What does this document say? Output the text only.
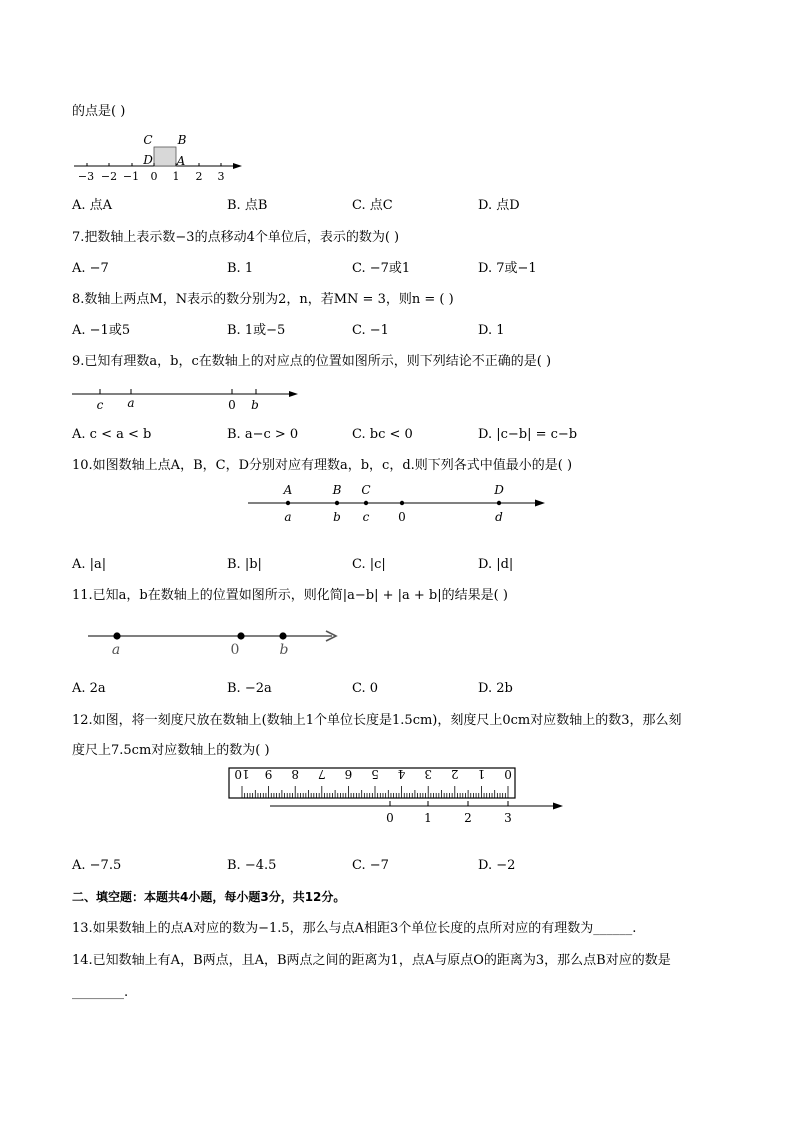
的点是( )
C B
D A
−3 −2 −1 0 1 2 3
A. 点A	B. 点B	C. 点C	D. 点D
7.把数轴上表示数−3的点移动4个单位后，表示的数为( )
A. −7	B. 1	C. −7或1	D. 7或−1
8.数轴上两点M，N表示的数分别为2，n，若MN = 3，则n = ( )
A. −1或5	B. 1或−5	C. −1	D. 1
9.已知有理数a，b，c在数轴上的对应点的位置如图所示，则下列结论不正确的是( )
c a	0 b
A. c < a < b	B. a−c > 0	C. bc < 0	D. |c−b| = c−b
10.如图数轴上点A，B，C，D分别对应有理数a，b，c，d.则下列各式中值最小的是( )
A	B C	D
a	b c 0	d
A. |a|	B. |b|	C. |c|	D. |d|
11.已知a，b在数轴上的位置如图所示，则化简|a−b| + |a + b|的结果是( )
a	0	b
A. 2a	B. −2a	C. 0	D. 2b
12.如图，将一刻度尺放在数轴上(数轴上1个单位长度是1.5cm)，刻度尺上0cm对应数轴上的数3，那么刻
度尺上7.5cm对应数轴上的数为( )
10 9 8 7 6 5 4 3 2 1 0
0	1	2	3
A. −7.5	B. −4.5	C. −7	D. −2
二、填空题：本题共4小题，每小题3分，共12分。
13.如果数轴上的点A对应的数为−1.5，那么与点A相距3个单位长度的点所对应的有理数为______.
14.已知数轴上有A，B两点，且A，B两点之间的距离为1，点A与原点O的距离为3，那么点B对应的数是
________.
